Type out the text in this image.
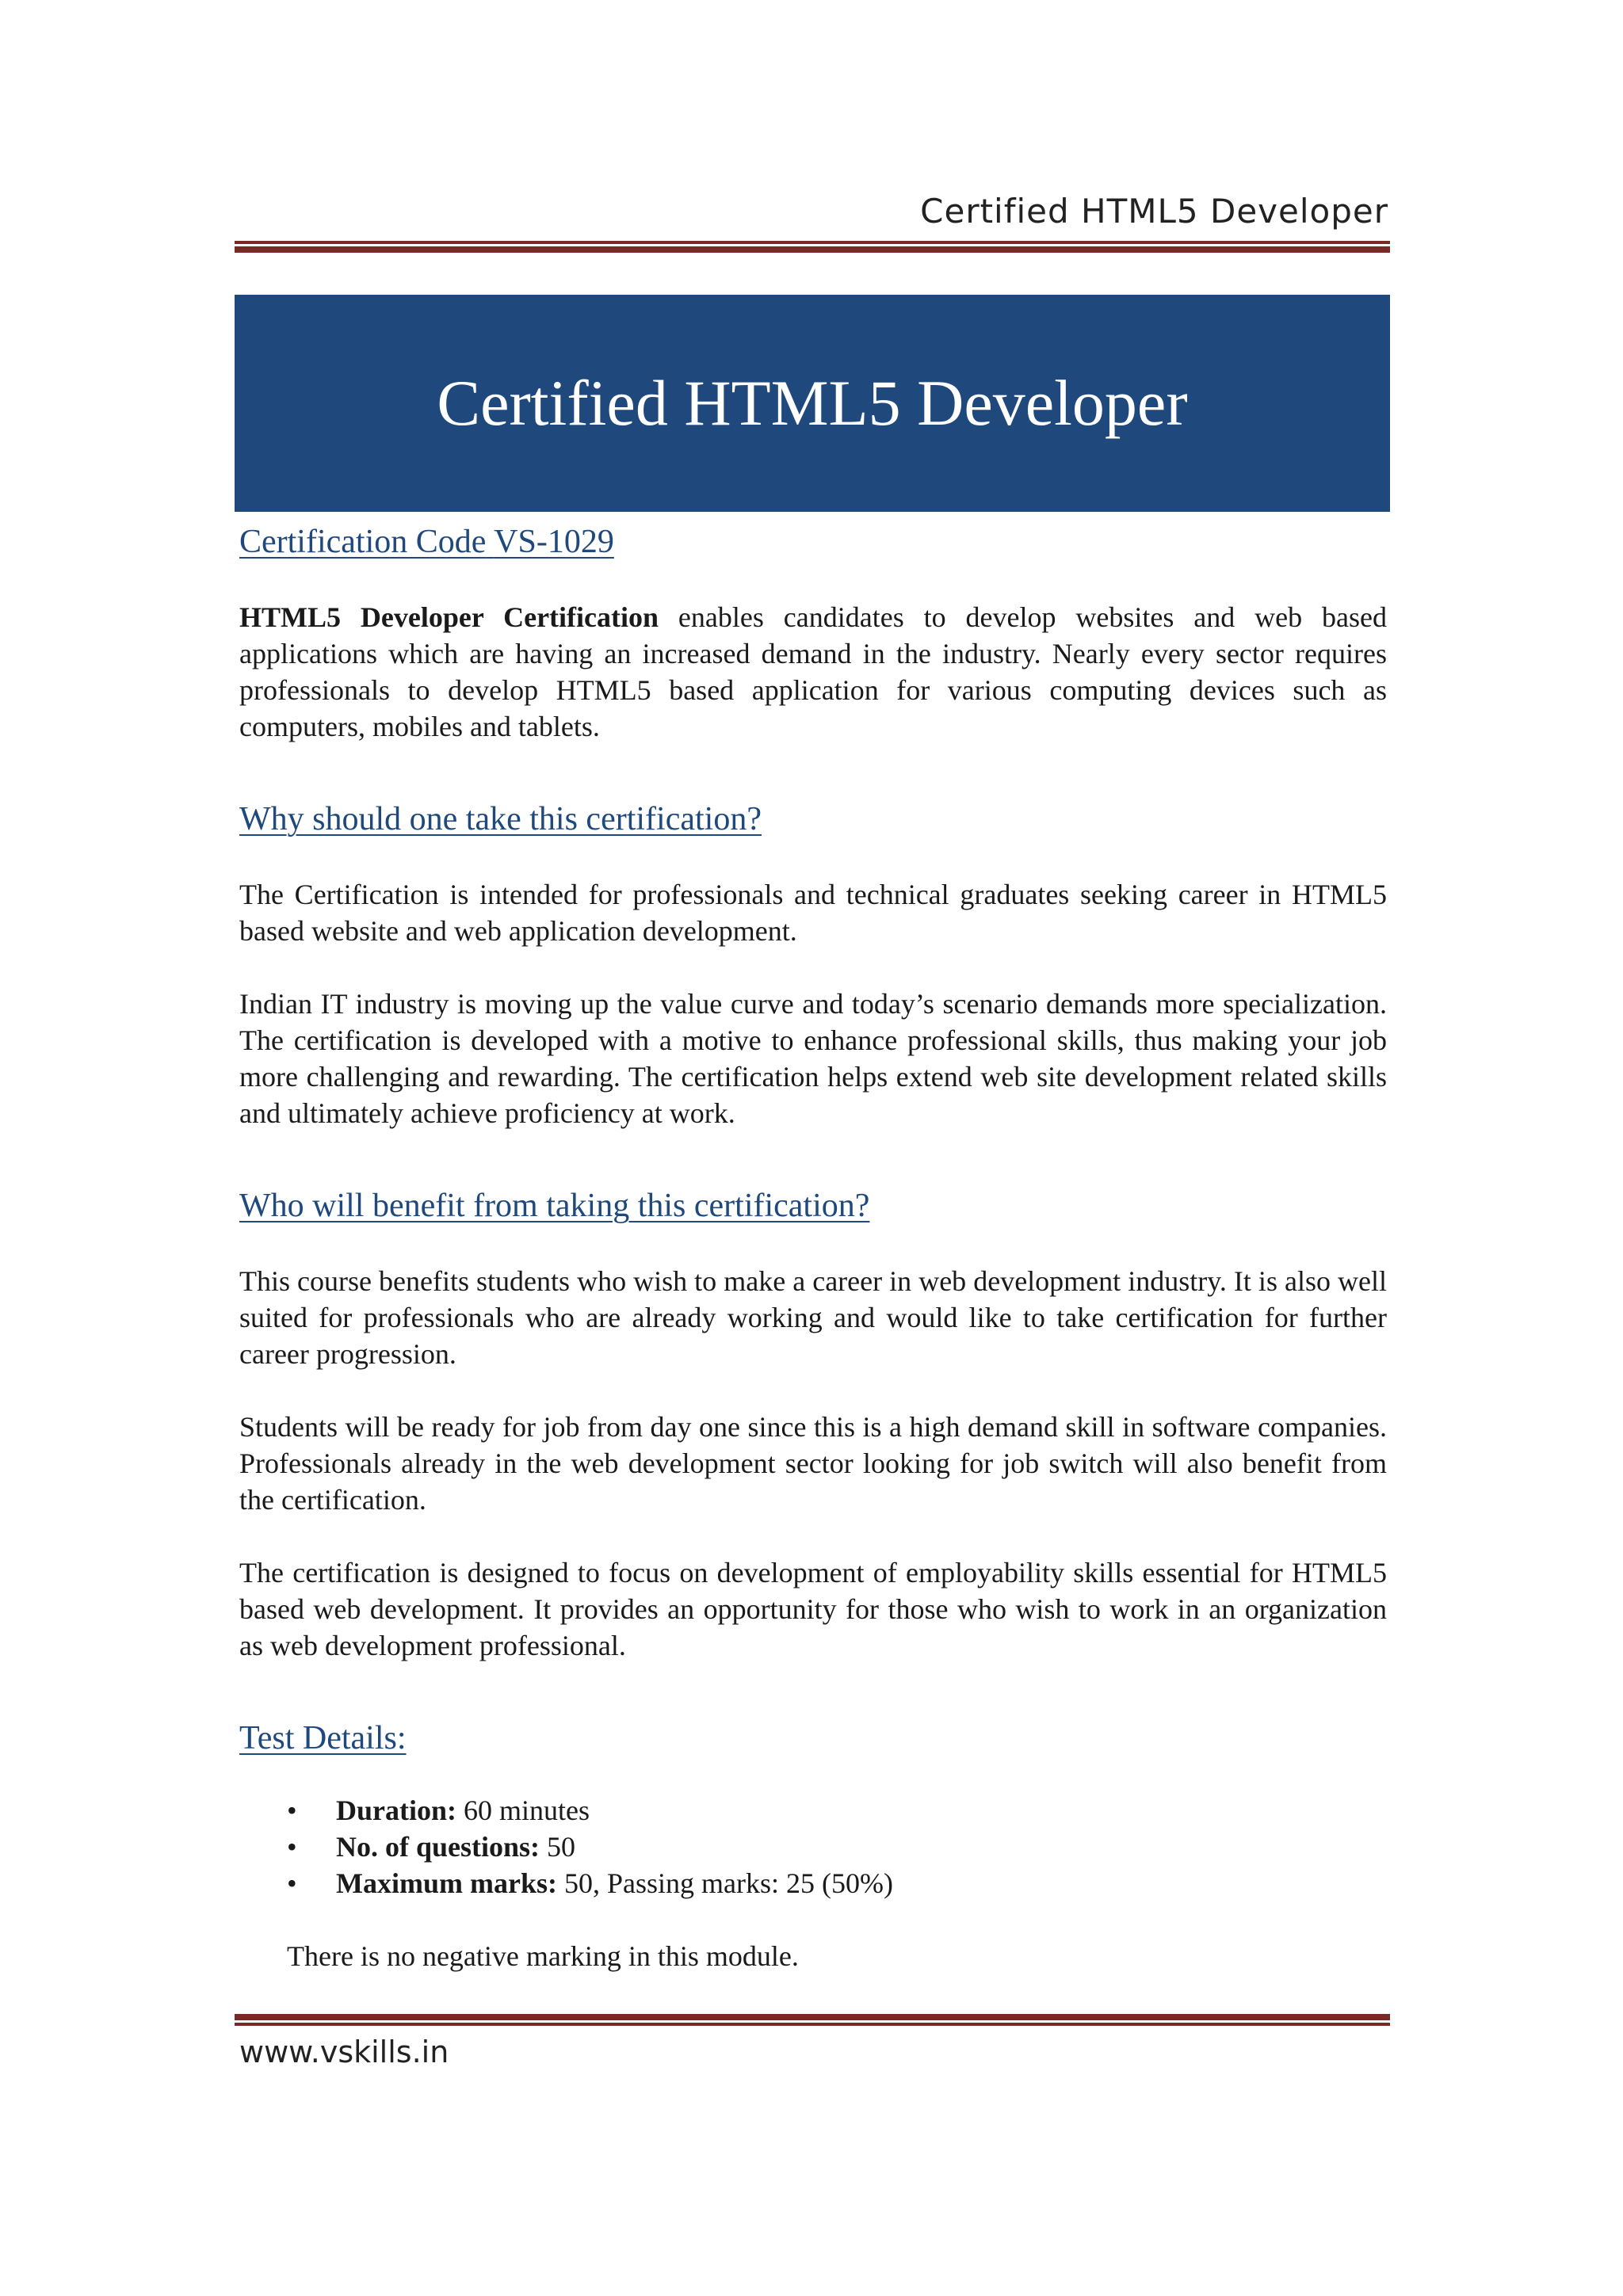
Certified HTML5 Developer
Certified HTML5 Developer
Certification Code VS-1029

HTML5 Developer Certification enables candidates to develop websites and web based applications which are having an increased demand in the industry. Nearly every sector requires professionals to develop HTML5 based application for various computing devices such as computers, mobiles and tablets.

Why should one take this certification?

The Certification is intended for professionals and technical graduates seeking career in HTML5 based website and web application development.

Indian IT industry is moving up the value curve and today’s scenario demands more specialization. The certification is developed with a motive to enhance professional skills, thus making your job more challenging and rewarding. The certification helps extend web site development related skills and ultimately achieve proficiency at work.

Who will benefit from taking this certification?

This course benefits students who wish to make a career in web development industry. It is also well suited for professionals who are already working and would like to take certification for further career progression.

Students will be ready for job from day one since this is a high demand skill in software companies. Professionals already in the web development sector looking for job switch will also benefit from the certification.

The certification is designed to focus on development of employability skills essential for HTML5 based web development. It provides an opportunity for those who wish to work in an organization as web development professional.

Test Details:
• Duration: 60 minutes
• No. of questions: 50
• Maximum marks: 50, Passing marks: 25 (50%)

There is no negative marking in this module.

www.vskills.in
